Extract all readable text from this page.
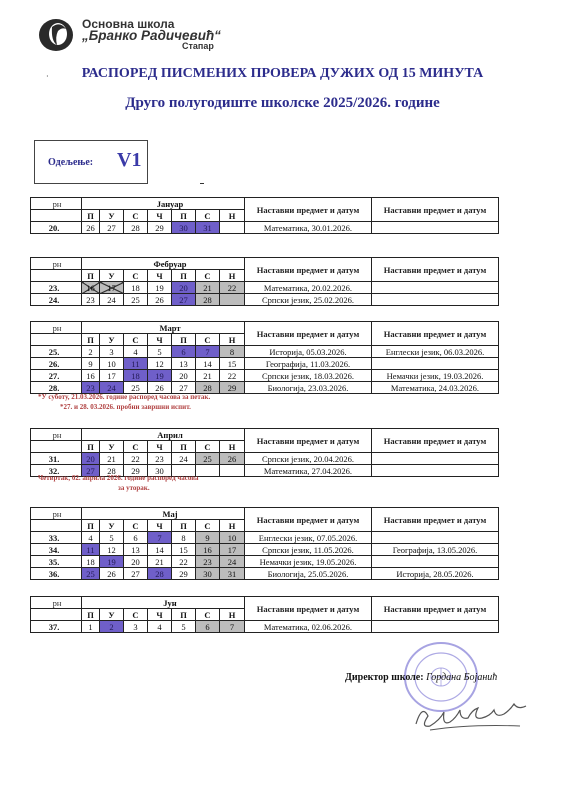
Основна школа
„Бранко Радичевић“
Стапар
·	РАСПОРЕД ПИСМЕНИХ ПРОВЕРА ДУЖИХ ОД 15 МИНУТА
Друго полугодиште школске 2025/2026. године
Одељење: V1
рн	Јануар							Наставни предмет и датум	Наставни предмет и датум
	П	У	С	Ч	П	С	Н		
20.	26	27	28	29	30	31		Математика, 30.01.2026.	
рн	Фебруар							Наставни предмет и датум	Наставни предмет и датум
	П	У	С	Ч	П	С	Н		
23.	16	17	18	19	20	21	22	Математика, 20.02.2026.	
24.	23	24	25	26	27	28		Српски језик, 25.02.2026.	
рн	Март							Наставни предмет и датум	Наставни предмет и датум
	П	У	С	Ч	П	С	Н		
25.	2	3	4	5	6	7	8	Историја, 05.03.2026.	Енглески језик, 06.03.2026.
26.	9	10	11	12	13	14	15	Географија, 11.03.2026.	
27.	16	17	18	19	20	21	22	Српски језик, 18.03.2026.	Немачки језик, 19.03.2026.
28.	23	24	25	26	27	28	29	Биологија, 23.03.2026.	Математика, 24.03.2026.
рн	Април							Наставни предмет и датум	Наставни предмет и датум
	П	У	С	Ч	П	С	Н		
31.	20	21	22	23	24	25	26	Српски језик, 20.04.2026.	
32.	27	28	29	30				Математика, 27.04.2026.	
рн	Мај							Наставни предмет и датум	Наставни предмет и датум
	П	У	С	Ч	П	С	Н		
33.	4	5	6	7	8	9	10	Енглески језик, 07.05.2026.	
34.	11	12	13	14	15	16	17	Српски језик, 11.05.2026.	Географија, 13.05.2026.
35.	18	19	20	21	22	23	24	Немачки језик, 19.05.2026.	
36.	25	26	27	28	29	30	31	Биологија, 25.05.2026.	Историја, 28.05.2026.
рн	Јун							Наставни предмет и датум	Наставни предмет и датум
	П	У	С	Ч	П	С	Н		
37.	1	2	3	4	5	6	7	Математика, 02.06.2026.	
*У суботу, 21.03.2026. године распоред часова за петак.
*27. и 28. 03.2026. пробни завршни испит.
Четвртак, 02. априла 2026. године распоред часова
за уторак.
Директор школе: Гордана Бојанић
